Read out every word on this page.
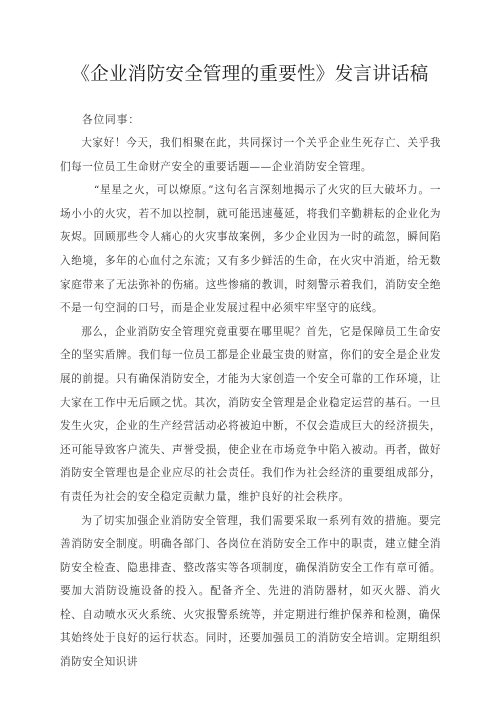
《企业消防安全管理的重要性》发言讲话稿
各位同事：

大家好！今天，我们相聚在此，共同探讨一个关乎企业生死存亡、关乎我们每一位员工生命财产安全的重要话题——企业消防安全管理。

“星星之火，可以燎原。”这句名言深刻地揭示了火灾的巨大破坏力。一场小小的火灾，若不加以控制，就可能迅速蔓延，将我们辛勤耕耘的企业化为灰烬。回顾那些令人痛心的火灾事故案例，多少企业因为一时的疏忽，瞬间陷入绝境，多年的心血付之东流；又有多少鲜活的生命，在火灾中消逝，给无数家庭带来了无法弥补的伤痛。这些惨痛的教训，时刻警示着我们，消防安全绝不是一句空洞的口号，而是企业发展过程中必须牢牢坚守的底线。

那么，企业消防安全管理究竟重要在哪里呢？首先，它是保障员工生命安全的坚实盾牌。我们每一位员工都是企业最宝贵的财富，你们的安全是企业发展的前提。只有确保消防安全，才能为大家创造一个安全可靠的工作环境，让大家在工作中无后顾之忧。其次，消防安全管理是企业稳定运营的基石。一旦发生火灾，企业的生产经营活动必将被迫中断，不仅会造成巨大的经济损失，还可能导致客户流失、声誉受损，使企业在市场竞争中陷入被动。再者，做好消防安全管理也是企业应尽的社会责任。我们作为社会经济的重要组成部分，有责任为社会的安全稳定贡献力量，维护良好的社会秩序。

为了切实加强企业消防安全管理，我们需要采取一系列有效的措施。要完善消防安全制度。明确各部门、各岗位在消防安全工作中的职责，建立健全消防安全检查、隐患排查、整改落实等各项制度，确保消防安全工作有章可循。要加大消防设施设备的投入。配备齐全、先进的消防器材，如灭火器、消火栓、自动喷水灭火系统、火灾报警系统等，并定期进行维护保养和检测，确保其始终处于良好的运行状态。同时，还要加强员工的消防安全培训。定期组织消防安全知识讲
